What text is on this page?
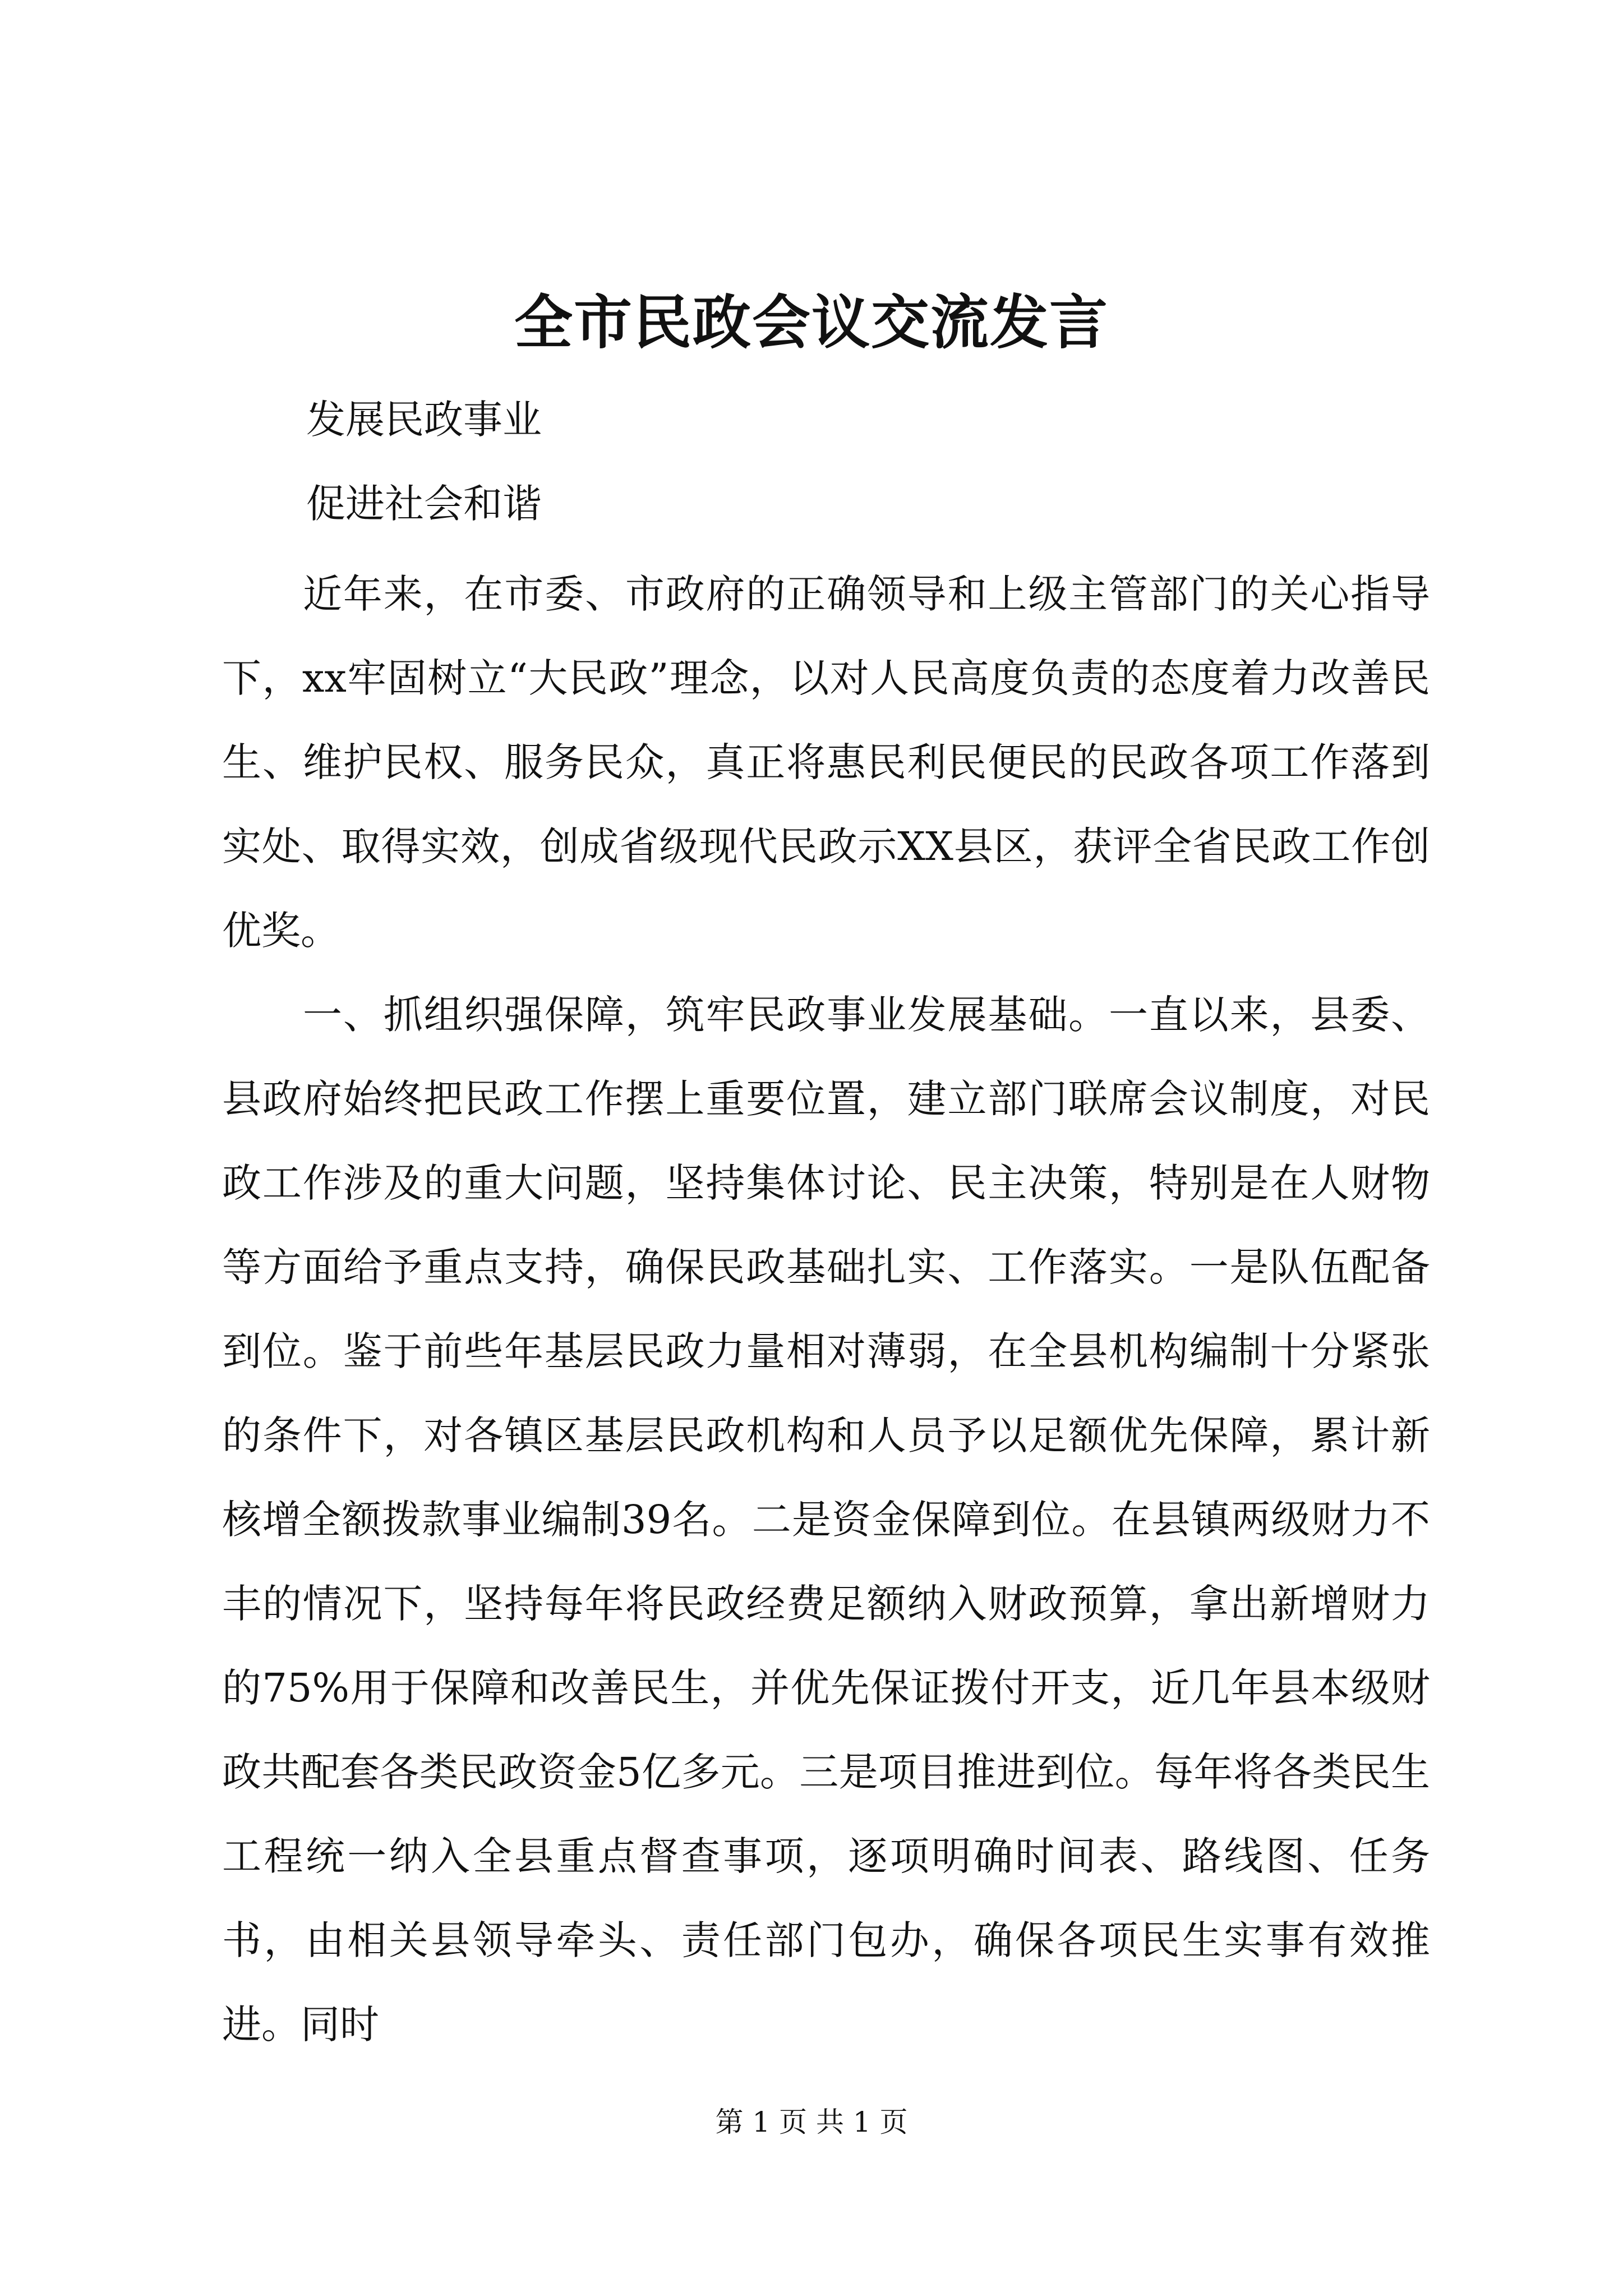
全市民政会议交流发言

发展民政事业

促进社会和谐

近年来，在市委、市政府的正确领导和上级主管部门的关心指导下，xx牢固树立“大民政”理念，以对人民高度负责的态度着力改善民生、维护民权、服务民众，真正将惠民利民便民的民政各项工作落到实处、取得实效，创成省级现代民政示XX县区，获评全省民政工作创优奖。

一、抓组织强保障，筑牢民政事业发展基础。一直以来，县委、县政府始终把民政工作摆上重要位置，建立部门联席会议制度，对民政工作涉及的重大问题，坚持集体讨论、民主决策，特别是在人财物等方面给予重点支持，确保民政基础扎实、工作落实。一是队伍配备到位。鉴于前些年基层民政力量相对薄弱，在全县机构编制十分紧张的条件下，对各镇区基层民政机构和人员予以足额优先保障，累计新核增全额拨款事业编制39名。二是资金保障到位。在县镇两级财力不丰的情况下，坚持每年将民政经费足额纳入财政预算，拿出新增财力的75%用于保障和改善民生，并优先保证拨付开支，近几年县本级财政共配套各类民政资金5亿多元。三是项目推进到位。每年将各类民生工程统一纳入全县重点督查事项，逐项明确时间表、路线图、任务书，由相关县领导牵头、责任部门包办，确保各项民生实事有效推进。同时

第 1 页 共 1 页
